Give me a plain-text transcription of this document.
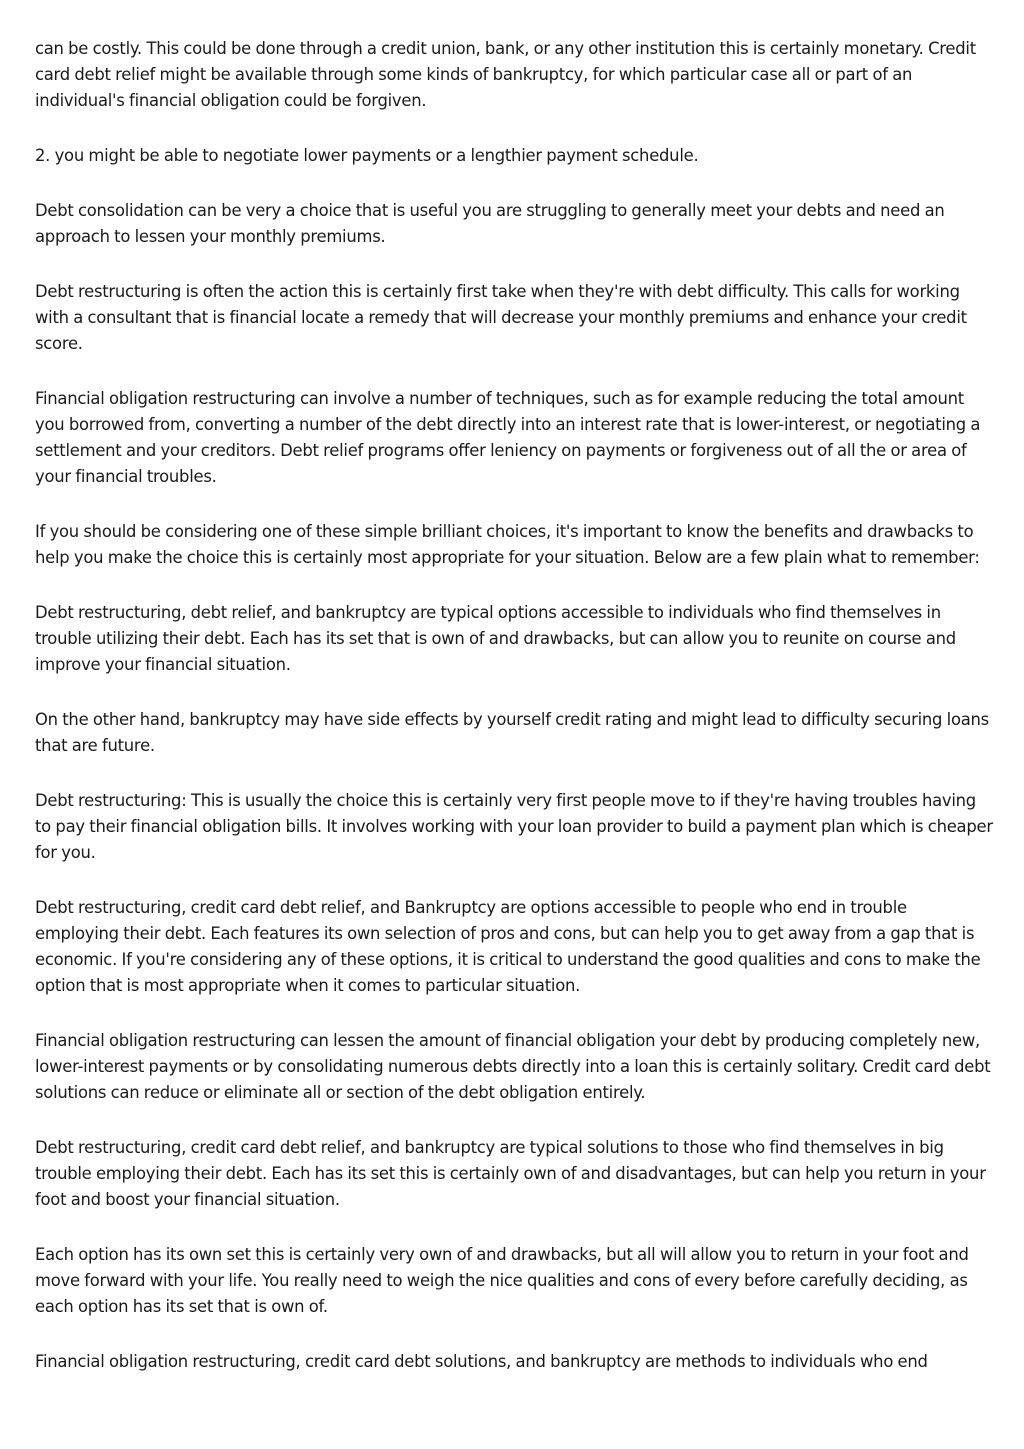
can be costly. This could be done through a credit union, bank, or any other institution this is certainly monetary. Credit card debt relief might be available through some kinds of bankruptcy, for which particular case all or part of an individual's financial obligation could be forgiven.

2. you might be able to negotiate lower payments or a lengthier payment schedule.

Debt consolidation can be very a choice that is useful you are struggling to generally meet your debts and need an approach to lessen your monthly premiums.

Debt restructuring is often the action this is certainly first take when they're with debt difficulty. This calls for working with a consultant that is financial locate a remedy that will decrease your monthly premiums and enhance your credit score.

Financial obligation restructuring can involve a number of techniques, such as for example reducing the total amount you borrowed from, converting a number of the debt directly into an interest rate that is lower-interest, or negotiating a settlement and your creditors. Debt relief programs offer leniency on payments or forgiveness out of all the or area of your financial troubles.

If you should be considering one of these simple brilliant choices, it's important to know the benefits and drawbacks to help you make the choice this is certainly most appropriate for your situation. Below are a few plain what to remember:

Debt restructuring, debt relief, and bankruptcy are typical options accessible to individuals who find themselves in trouble utilizing their debt. Each has its set that is own of and drawbacks, but can allow you to reunite on course and improve your financial situation.

On the other hand, bankruptcy may have side effects by yourself credit rating and might lead to difficulty securing loans that are future.

Debt restructuring: This is usually the choice this is certainly very first people move to if they're having troubles having to pay their financial obligation bills. It involves working with your loan provider to build a payment plan which is cheaper for you.

Debt restructuring, credit card debt relief, and Bankruptcy are options accessible to people who end in trouble employing their debt. Each features its own selection of pros and cons, but can help you to get away from a gap that is economic. If you're considering any of these options, it is critical to understand the good qualities and cons to make the option that is most appropriate when it comes to particular situation.

Financial obligation restructuring can lessen the amount of financial obligation your debt by producing completely new, lower-interest payments or by consolidating numerous debts directly into a loan this is certainly solitary. Credit card debt solutions can reduce or eliminate all or section of the debt obligation entirely.

Debt restructuring, credit card debt relief, and bankruptcy are typical solutions to those who find themselves in big trouble employing their debt. Each has its set this is certainly own of and disadvantages, but can help you return in your foot and boost your financial situation.

Each option has its own set this is certainly very own of and drawbacks, but all will allow you to return in your foot and move forward with your life. You really need to weigh the nice qualities and cons of every before carefully deciding, as each option has its set that is own of.

Financial obligation restructuring, credit card debt solutions, and bankruptcy are methods to individuals who end
